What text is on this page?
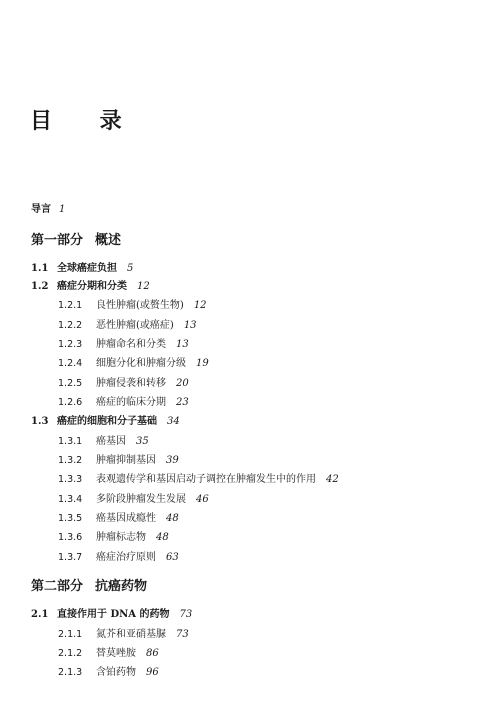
目 录
导言 1
第一部分 概述
1.1 全球癌症负担 5
1.2 癌症分期和分类 12
1.2.1 良性肿瘤(或赘生物) 12
1.2.2 恶性肿瘤(或癌症) 13
1.2.3 肿瘤命名和分类 13
1.2.4 细胞分化和肿瘤分级 19
1.2.5 肿瘤侵袭和转移 20
1.2.6 癌症的临床分期 23
1.3 癌症的细胞和分子基础 34
1.3.1 癌基因 35
1.3.2 肿瘤抑制基因 39
1.3.3 表观遗传学和基因启动子调控在肿瘤发生中的作用 42
1.3.4 多阶段肿瘤发生发展 46
1.3.5 癌基因成瘾性 48
1.3.6 肿瘤标志物 48
1.3.7 癌症治疗原则 63
第二部分 抗癌药物
2.1 直接作用于 DNA 的药物 73
2.1.1 氮芥和亚硝基脲 73
2.1.2 替莫唑胺 86
2.1.3 含铂药物 96
